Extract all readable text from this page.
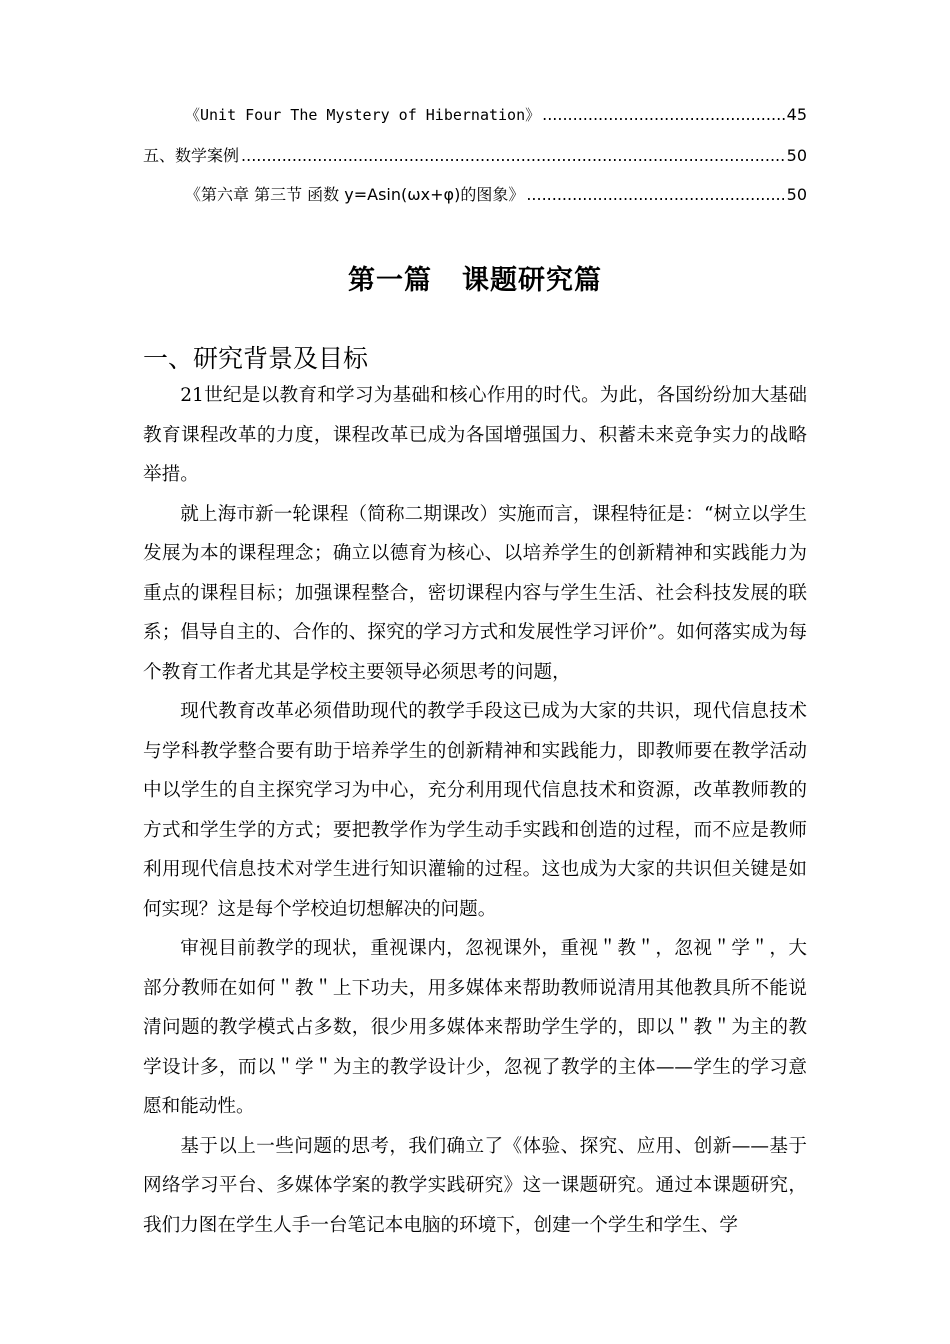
《Unit Four The Mystery of Hibernation》 .....	45
五、数学案例 .....	50
《第六章 第三节 函数 y=Asin(ωx+φ)的图象》 .....	50
第一篇 课题研究篇
一、研究背景及目标

21世纪是以教育和学习为基础和核心作用的时代。为此，各国纷纷加大基础教育课程改革的力度，课程改革已成为各国增强国力、积蓄未来竞争实力的战略举措。

就上海市新一轮课程（简称二期课改）实施而言，课程特征是：“树立以学生发展为本的课程理念；确立以德育为核心、以培养学生的创新精神和实践能力为重点的课程目标；加强课程整合，密切课程内容与学生生活、社会科技发展的联系；倡导自主的、合作的、探究的学习方式和发展性学习评价”。如何落实成为每个教育工作者尤其是学校主要领导必须思考的问题，

现代教育改革必须借助现代的教学手段这已成为大家的共识，现代信息技术与学科教学整合要有助于培养学生的创新精神和实践能力，即教师要在教学活动中以学生的自主探究学习为中心，充分利用现代信息技术和资源，改革教师教的方式和学生学的方式；要把教学作为学生动手实践和创造的过程，而不应是教师利用现代信息技术对学生进行知识灌输的过程。这也成为大家的共识但关键是如何实现？这是每个学校迫切想解决的问题。

审视目前教学的现状，重视课内，忽视课外，重视＂教＂，忽视＂学＂，大部分教师在如何＂教＂上下功夫，用多媒体来帮助教师说清用其他教具所不能说清问题的教学模式占多数，很少用多媒体来帮助学生学的，即以＂教＂为主的教学设计多，而以＂学＂为主的教学设计少，忽视了教学的主体——学生的学习意愿和能动性。

基于以上一些问题的思考，我们确立了《体验、探究、应用、创新——基于网络学习平台、多媒体学案的教学实践研究》这一课题研究。通过本课题研究，我们力图在学生人手一台笔记本电脑的环境下，创建一个学生和学生、学
